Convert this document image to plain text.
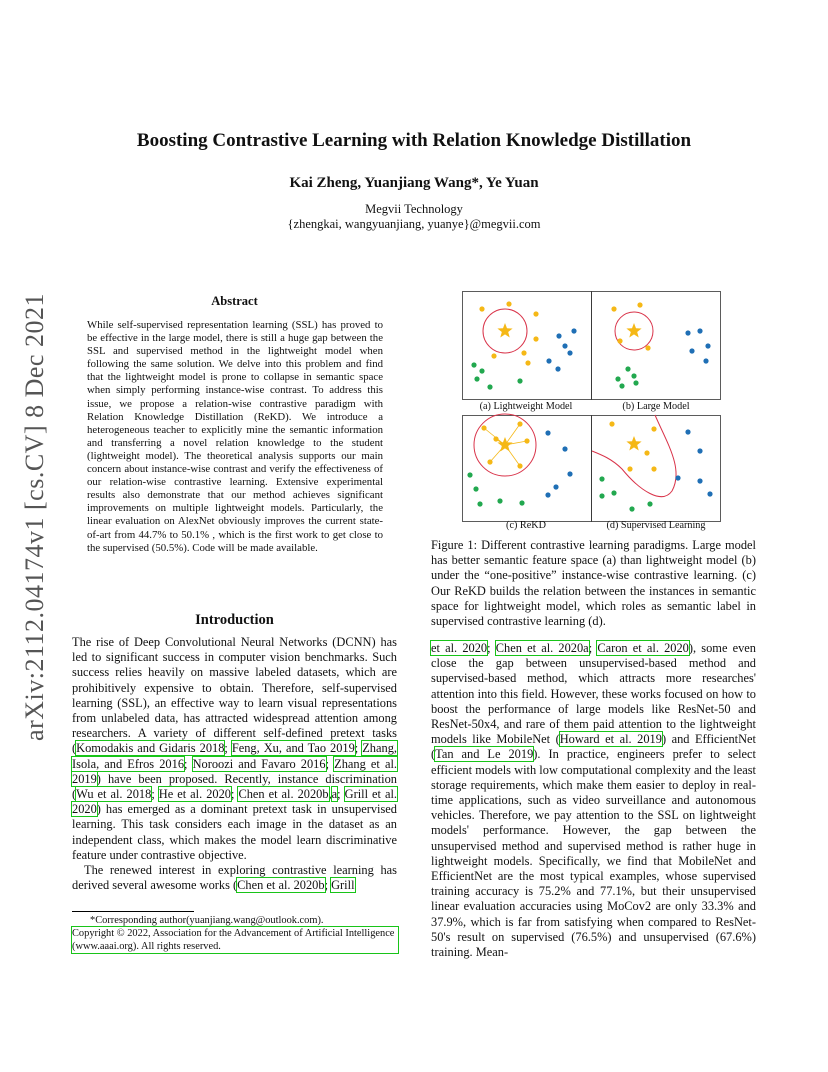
arXiv:2112.04174v1 [cs.CV] 8 Dec 2021
Boosting Contrastive Learning with Relation Knowledge Distillation
Kai Zheng, Yuanjiang Wang*, Ye Yuan
Megvii Technology
{zhengkai, wangyuanjiang, yuanye}@megvii.com
Abstract
While self-supervised representation learning (SSL) has proved to be effective in the large model, there is still a huge gap between the SSL and supervised method in the lightweight model when following the same solution. We delve into this problem and find that the lightweight model is prone to collapse in semantic space when simply performing instance-wise contrast. To address this issue, we propose a relation-wise contrastive paradigm with Relation Knowledge Distillation (ReKD). We introduce a heterogeneous teacher to explicitly mine the semantic information and transferring a novel relation knowledge to the student (lightweight model). The theoretical analysis supports our main concern about instance-wise contrast and verify the effectiveness of our relation-wise contrastive learning. Extensive experimental results also demonstrate that our method achieves significant improvements on multiple lightweight models. Particularly, the linear evaluation on AlexNet obviously improves the current state-of-art from 44.7% to 50.1% , which is the first work to get close to the supervised (50.5%). Code will be made available.
Introduction

The rise of Deep Convolutional Neural Networks (DCNN) has led to significant success in computer vision benchmarks. Such success relies heavily on massive labeled datasets, which are prohibitively expensive to obtain. Therefore, self-supervised learning (SSL), an effective way to learn visual representations from unlabeled data, has attracted widespread attention among researchers. A variety of different self-defined pretext tasks (Komodakis and Gidaris 2018; Feng, Xu, and Tao 2019; Zhang, Isola, and Efros 2016; Noroozi and Favaro 2016; Zhang et al. 2019) have been proposed. Recently, instance discrimination (Wu et al. 2018; He et al. 2020; Chen et al. 2020b,a; Grill et al. 2020) has emerged as a dominant pretext task in unsupervised learning. This task considers each image in the dataset as an independent class, which makes the model learn discriminative feature under contrastive objective.

The renewed interest in exploring contrastive learning has derived several awesome works (Chen et al. 2020b; Grill

*Corresponding author(yuanjiang.wang@outlook.com).
Copyright © 2022, Association for the Advancement of Artificial Intelligence (www.aaai.org). All rights reserved.
(a) Lightweight Model	(b) Large Model
(c) ReKD	(d) Supervised Learning
Figure 1: Different contrastive learning paradigms. Large model has better semantic feature space (a) than lightweight model (b) under the “one-positive” instance-wise contrastive learning. (c) Our ReKD builds the relation between the instances in semantic space for lightweight model, which roles as semantic label in supervised contrastive learning (d).

et al. 2020; Chen et al. 2020a; Caron et al. 2020), some even close the gap between unsupervised-based method and supervised-based method, which attracts more researches' attention into this field. However, these works focused on how to boost the performance of large models like ResNet-50 and ResNet-50x4, and rare of them paid attention to the lightweight models like MobileNet (Howard et al. 2019) and EfficientNet (Tan and Le 2019). In practice, engineers prefer to select efficient models with low computational complexity and the least storage requirements, which make them easier to deploy in real-time applications, such as video surveillance and autonomous vehicles. Therefore, we pay attention to the SSL on lightweight models' performance. However, the gap between the unsupervised method and supervised method is rather huge in lightweight models. Specifically, we find that MobileNet and EfficientNet are the most typical examples, whose supervised training accuracy is 75.2% and 77.1%, but their unsupervised linear evaluation accuracies using MoCov2 are only 33.3% and 37.9%, which is far from satisfying when compared to ResNet-50's result on supervised (76.5%) and unsupervised (67.6%) training. Mean-
